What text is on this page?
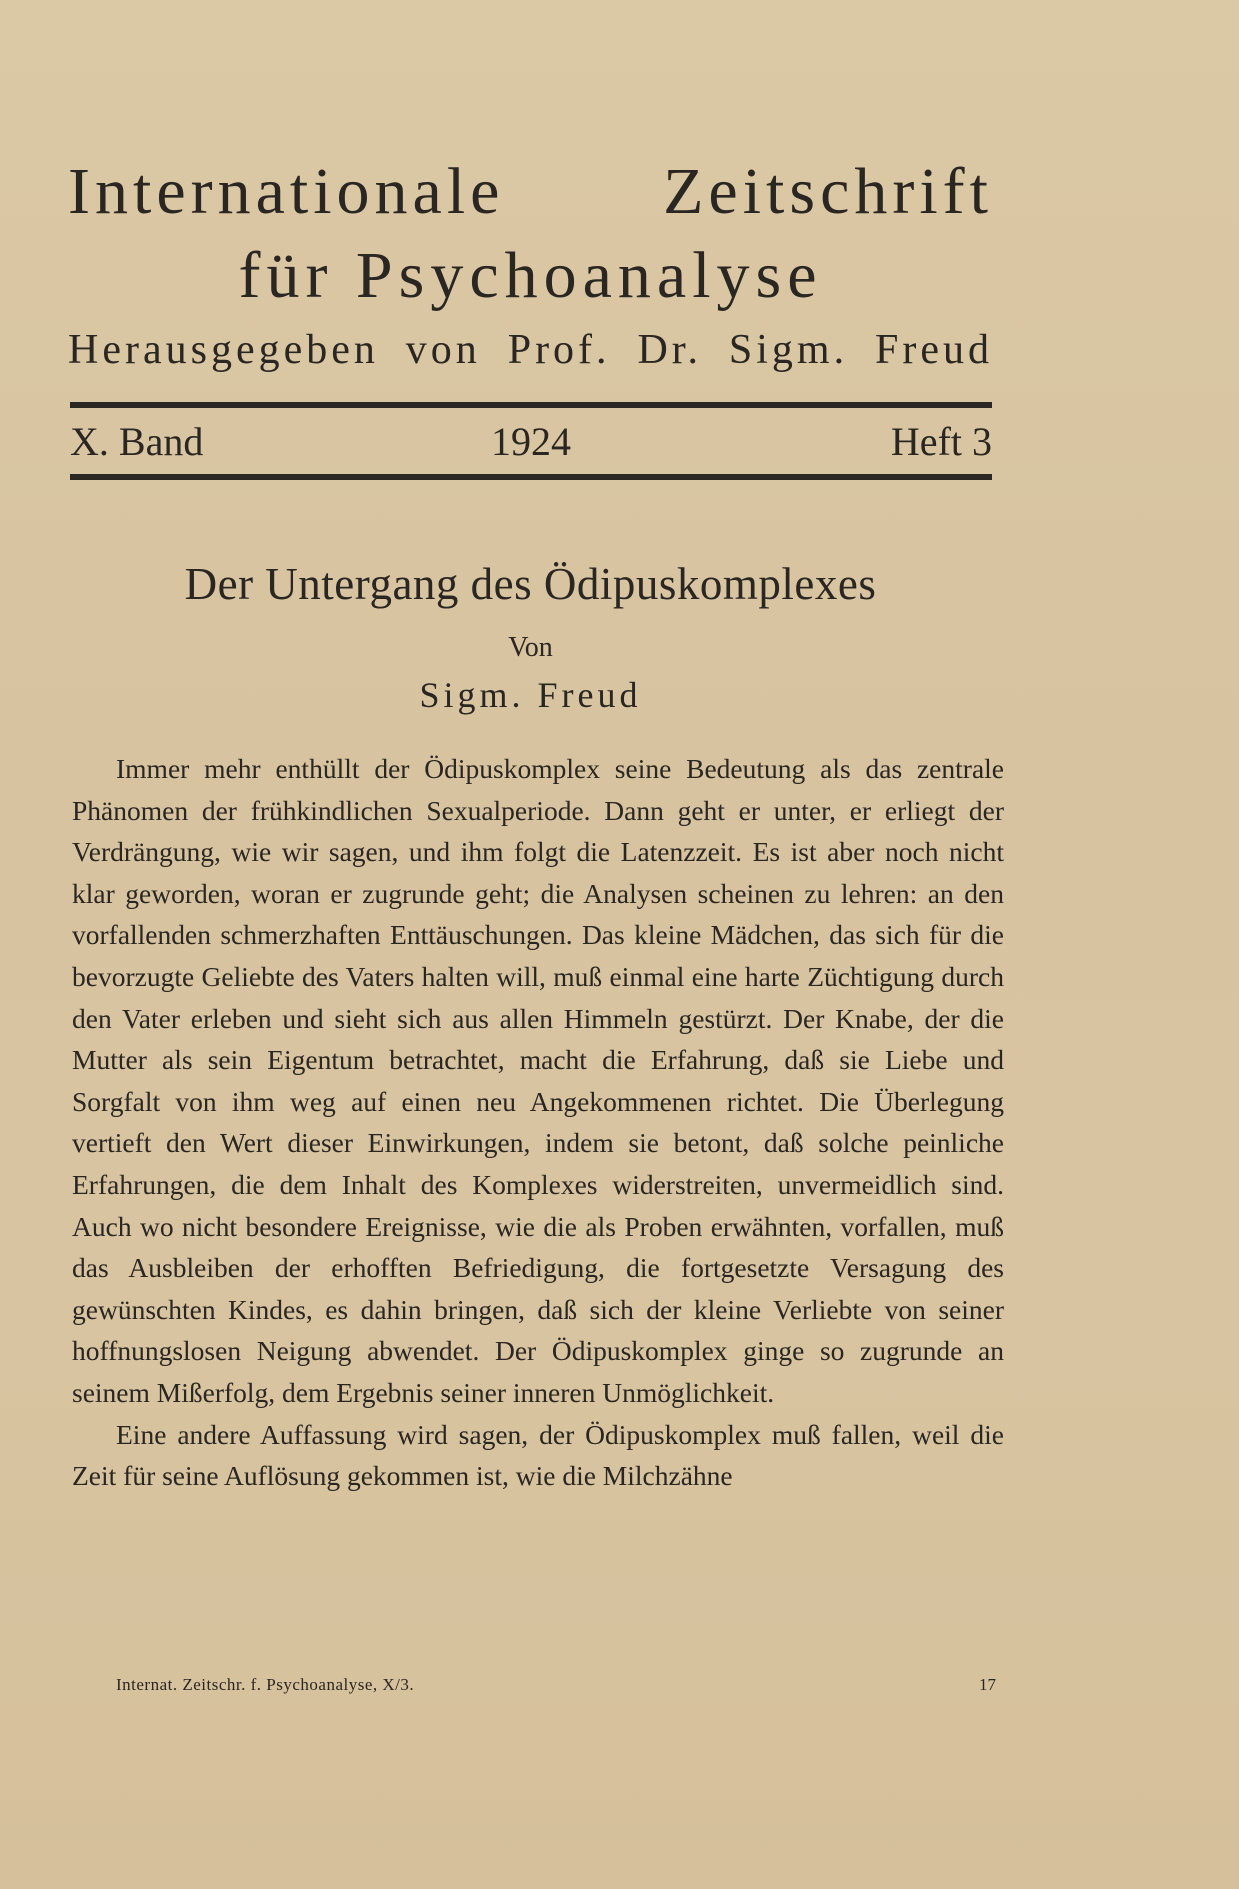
Internationale Zeitschrift
für Psychoanalyse
Herausgegeben von Prof. Dr. Sigm. Freud
X. Band	1924	Heft 3
Der Untergang des Ödipuskomplexes
Von
Sigm. Freud

Immer mehr enthüllt der Ödipuskomplex seine Bedeutung als das zentrale Phänomen der frühkindlichen Sexualperiode. Dann geht er unter, er erliegt der Verdrängung, wie wir sagen, und ihm folgt die Latenzzeit. Es ist aber noch nicht klar geworden, woran er zugrunde geht; die Analysen scheinen zu lehren: an den vorfallenden schmerzhaften Enttäuschungen. Das kleine Mädchen, das sich für die bevorzugte Geliebte des Vaters halten will, muß einmal eine harte Züchtigung durch den Vater erleben und sieht sich aus allen Himmeln gestürzt. Der Knabe, der die Mutter als sein Eigentum betrachtet, macht die Erfahrung, daß sie Liebe und Sorgfalt von ihm weg auf einen neu Angekommenen richtet. Die Überlegung vertieft den Wert dieser Einwirkungen, indem sie betont, daß solche peinliche Erfahrungen, die dem Inhalt des Komplexes widerstreiten, unvermeidlich sind. Auch wo nicht besondere Ereignisse, wie die als Proben erwähnten, vorfallen, muß das Ausbleiben der erhofften Befriedigung, die fortgesetzte Versagung des gewünschten Kindes, es dahin bringen, daß sich der kleine Verliebte von seiner hoffnungslosen Neigung abwendet. Der Ödipuskomplex ginge so zugrunde an seinem Mißerfolg, dem Ergebnis seiner inneren Unmöglichkeit.

Eine andere Auffassung wird sagen, der Ödipuskomplex muß fallen, weil die Zeit für seine Auflösung gekommen ist, wie die Milchzähne

Internat. Zeitschr. f. Psychoanalyse, X/3.	17
